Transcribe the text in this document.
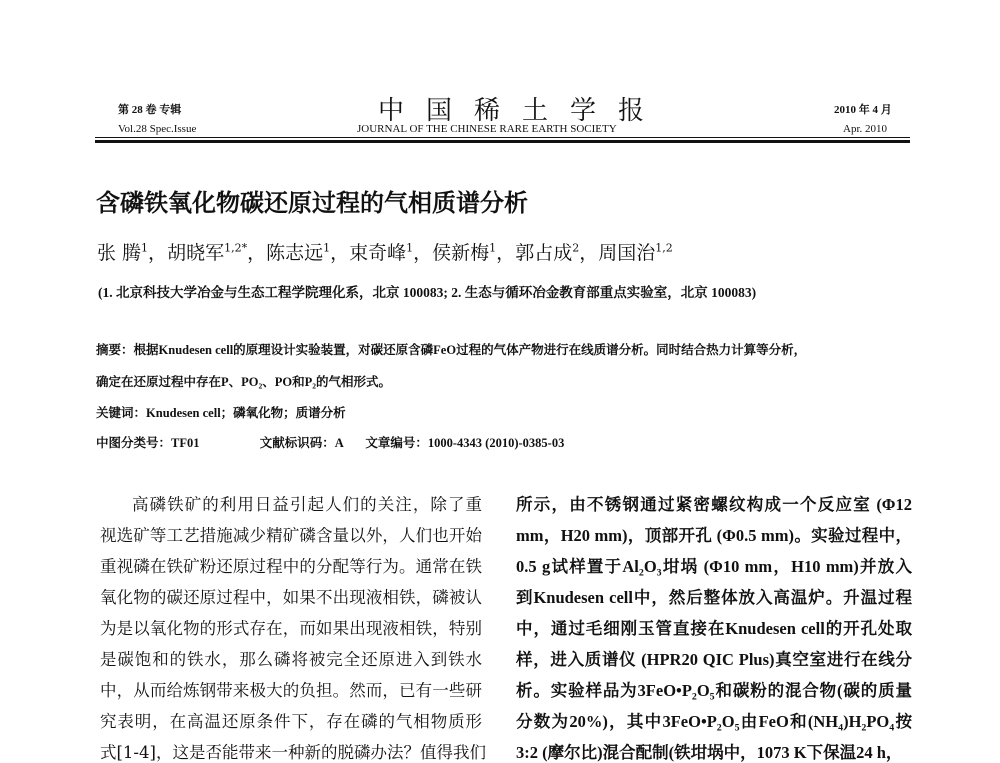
第 28 卷 专辑
Vol.28 Spec.Issue
中国稀土学报
JOURNAL OF THE CHINESE RARE EARTH SOCIETY
2010 年 4 月
Apr. 2010
含磷铁氧化物碳还原过程的气相质谱分析
张 腾$^1$，胡晓军$^{1,2*}$，陈志远$^1$，束奇峰$^1$，侯新梅$^1$，郭占成$^2$，周国治$^{1,2}$
(1. 北京科技大学冶金与生态工程学院理化系，北京 100083; 2. 生态与循环冶金教育部重点实验室，北京 100083)
摘要：根据Knudesen cell的原理设计实验装置，对碳还原含磷FeO过程的气体产物进行在线质谱分析。同时结合热力计算等分析，
确定在还原过程中存在P、PO₂、PO和P₂的气相形式。
关键词：Knudesen cell；磷氧化物；质谱分析
中图分类号：TF01	文献标识码：A 文章编号：1000-4343 (2010)-0385-03
高磷铁矿的利用日益引起人们的关注，除了重
视选矿等工艺措施减少精矿磷含量以外，人们也开始
重视磷在铁矿粉还原过程中的分配等行为。通常在铁
氧化物的碳还原过程中，如果不出现液相铁，磷被认
为是以氧化物的形式存在，而如果出现液相铁，特别
是碳饱和的铁水，那么磷将被完全还原进入到铁水
中，从而给炼钢带来极大的负担。然而，已有一些研
究表明，在高温还原条件下，存在磷的气相物质形
式[1-4]，这是否能带来一种新的脱磷办法？值得我们
所示，由不锈钢通过紧密螺纹构成一个反应室 (Φ12
mm，H20 mm)，顶部开孔 (Φ0.5 mm)。实验过程中，
0.5 g试样置于Al₂O₃坩埚 (Φ10 mm，H10 mm)并放入
到Knudesen cell中，然后整体放入高温炉。升温过程
中，通过毛细刚玉管直接在Knudesen cell的开孔处取
样，进入质谱仪 (HPR20 QIC Plus)真空室进行在线分
析。实验样品为3FeO•P₂O₅和碳粉的混合物(碳的质量
分数为20%)，其中3FeO•P₂O₅由FeO和(NH₄)H₂PO₄按
3:2 (摩尔比)混合配制(铁坩埚中，1073 K下保温24 h，
